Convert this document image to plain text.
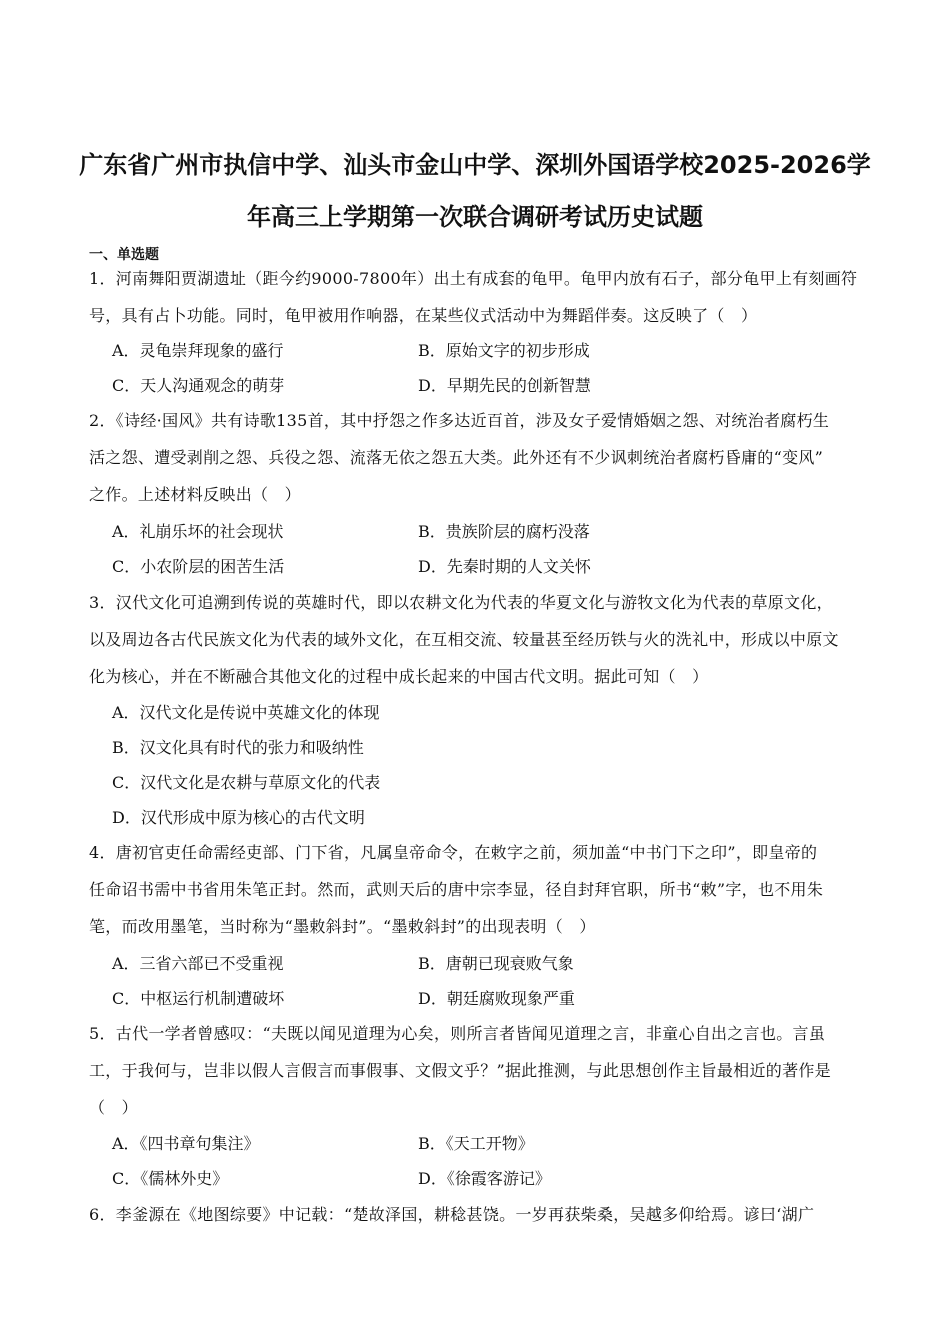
广东省广州市执信中学、汕头市金山中学、深圳外国语学校2025-2026学
年高三上学期第一次联合调研考试历史试题
一、单选题

1．河南舞阳贾湖遗址（距今约9000-7800年）出土有成套的龟甲。龟甲内放有石子，部分龟甲上有刻画符

号，具有占卜功能。同时，龟甲被用作响器，在某些仪式活动中为舞蹈伴奏。这反映了（　）

A．灵龟崇拜现象的盛行	B．原始文字的初步形成

C．天人沟通观念的萌芽	D．早期先民的创新智慧

2．《诗经·国风》共有诗歌135首，其中抒怨之作多达近百首，涉及女子爱情婚姻之怨、对统治者腐朽生

活之怨、遭受剥削之怨、兵役之怨、流落无依之怨五大类。此外还有不少讽刺统治者腐朽昏庸的“变风”

之作。上述材料反映出（　）

A．礼崩乐坏的社会现状	B．贵族阶层的腐朽没落

C．小农阶层的困苦生活	D．先秦时期的人文关怀

3．汉代文化可追溯到传说的英雄时代，即以农耕文化为代表的华夏文化与游牧文化为代表的草原文化，

以及周边各古代民族文化为代表的域外文化，在互相交流、较量甚至经历铁与火的洗礼中，形成以中原文

化为核心，并在不断融合其他文化的过程中成长起来的中国古代文明。据此可知（　）

A．汉代文化是传说中英雄文化的体现

B．汉文化具有时代的张力和吸纳性

C．汉代文化是农耕与草原文化的代表

D．汉代形成中原为核心的古代文明

4．唐初官吏任命需经吏部、门下省，凡属皇帝命令，在敕字之前，须加盖“中书门下之印”，即皇帝的

任命诏书需中书省用朱笔正封。然而，武则天后的唐中宗李显，径自封拜官职，所书“敕”字，也不用朱

笔，而改用墨笔，当时称为“墨敕斜封”。“墨敕斜封”的出现表明（　）

A．三省六部已不受重视	B．唐朝已现衰败气象

C．中枢运行机制遭破坏	D．朝廷腐败现象严重

5．古代一学者曾感叹：“夫既以闻见道理为心矣，则所言者皆闻见道理之言，非童心自出之言也。言虽

工，于我何与，岂非以假人言假言而事假事、文假文乎？”据此推测，与此思想创作主旨最相近的著作是

（　）

A．《四书章句集注》	B．《天工开物》

C．《儒林外史》	D．《徐霞客游记》

6．李釜源在《地图综要》中记载：“楚故泽国，耕稔甚饶。一岁再获柴桑，吴越多仰给焉。谚曰‘湖广
